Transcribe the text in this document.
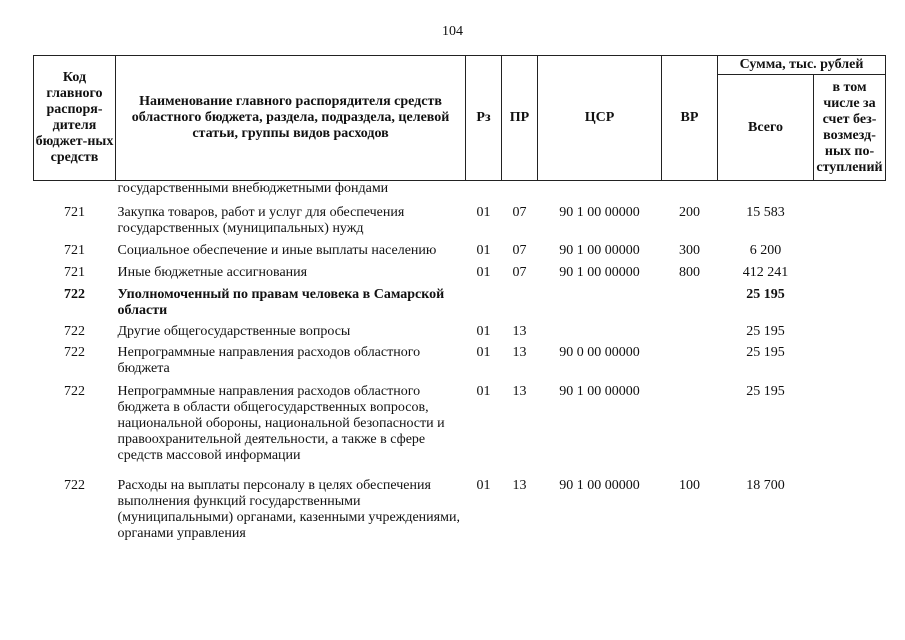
104
Код главного распоря-дителя бюджет-ных средств	Наименование главного распорядителя средств областного бюджета, раздела, подраздела, целевой статьи, группы видов расходов	Рз	ПР	ЦСР	ВР	Сумма, тыс. рублей	
						Всего	в том числе за счет без-возмезд-ных по-ступлений
	государственными внебюджетными фондами						
721	Закупка товаров, работ и услуг для обеспечения государственных (муниципальных) нужд	01	07	90 1 00 00000	200	15 583	
721	Социальное обеспечение и иные выплаты населению	01	07	90 1 00 00000	300	6 200	
721	Иные бюджетные ассигнования	01	07	90 1 00 00000	800	412 241	
722	Уполномоченный по правам человека в Самарской области					25 195	
722	Другие общегосударственные вопросы	01	13			25 195	
722	Непрограммные направления расходов областного бюджета	01	13	90 0 00 00000		25 195	
722	Непрограммные направления расходов областного бюджета в области общегосударственных вопросов, национальной обороны, национальной безопасности и правоохранительной деятельности, а также в сфере средств массовой информации	01	13	90 1 00 00000		25 195	
722	Расходы на выплаты персоналу в целях обеспечения выполнения функций государственными (муниципальными) органами, казенными учреждениями, органами управления	01	13	90 1 00 00000	100	18 700	
